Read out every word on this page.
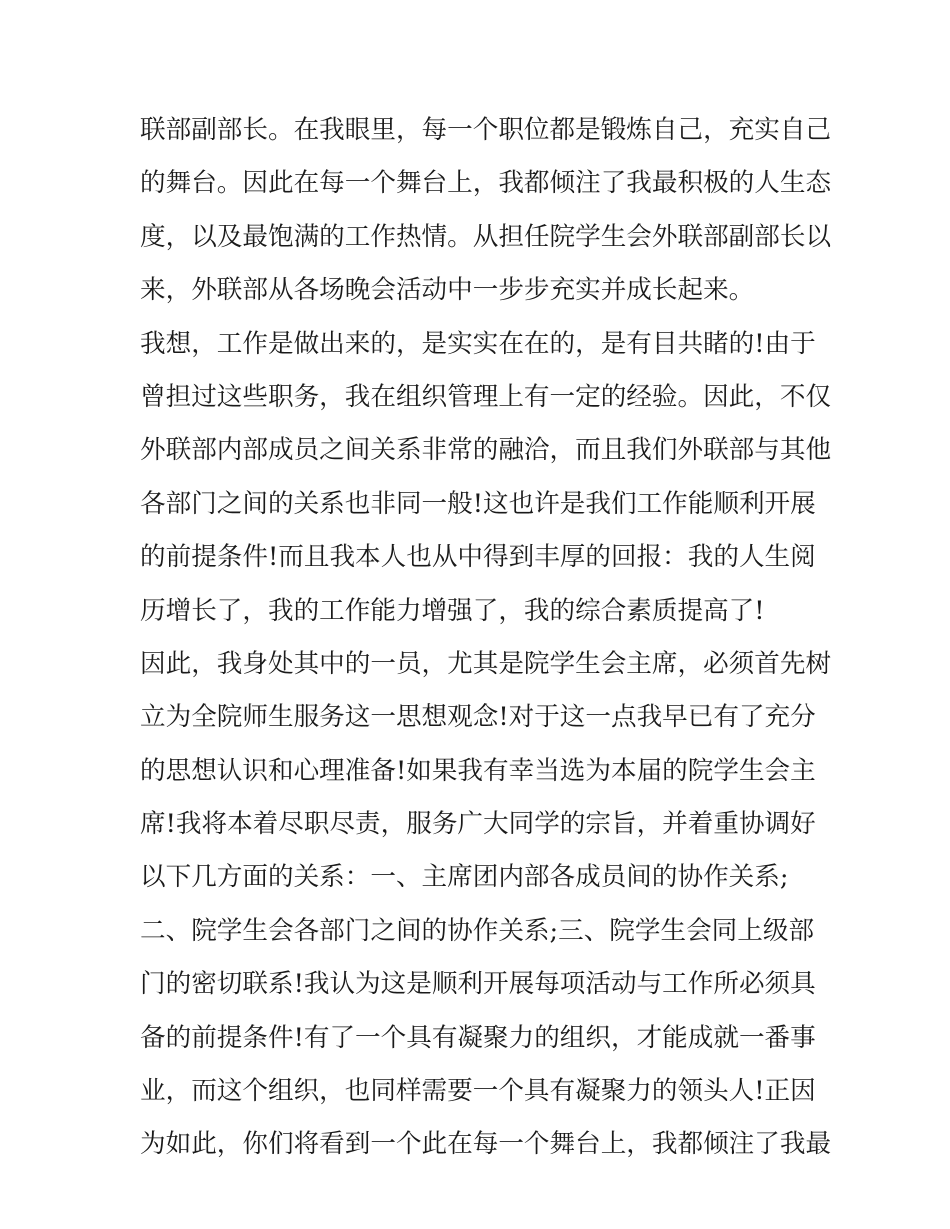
联部副部长。在我眼里，每一个职位都是锻炼自己，充实自己
的舞台。因此在每一个舞台上，我都倾注了我最积极的人生态
度，以及最饱满的工作热情。从担任院学生会外联部副部长以
来，外联部从各场晚会活动中一步步充实并成长起来。
我想，工作是做出来的，是实实在在的，是有目共睹的!由于
曾担过这些职务，我在组织管理上有一定的经验。因此，不仅
外联部内部成员之间关系非常的融洽，而且我们外联部与其他
各部门之间的关系也非同一般!这也许是我们工作能顺利开展
的前提条件!而且我本人也从中得到丰厚的回报：我的人生阅
历增长了，我的工作能力增强了，我的综合素质提高了!
因此，我身处其中的一员，尤其是院学生会主席，必须首先树
立为全院师生服务这一思想观念!对于这一点我早已有了充分
的思想认识和心理准备!如果我有幸当选为本届的院学生会主
席!我将本着尽职尽责，服务广大同学的宗旨，并着重协调好
以下几方面的关系：一、主席团内部各成员间的协作关系;
二、院学生会各部门之间的协作关系;三、院学生会同上级部
门的密切联系!我认为这是顺利开展每项活动与工作所必须具
备的前提条件!有了一个具有凝聚力的组织，才能成就一番事
业，而这个组织，也同样需要一个具有凝聚力的领头人!正因
为如此，你们将看到一个此在每一个舞台上，我都倾注了我最
